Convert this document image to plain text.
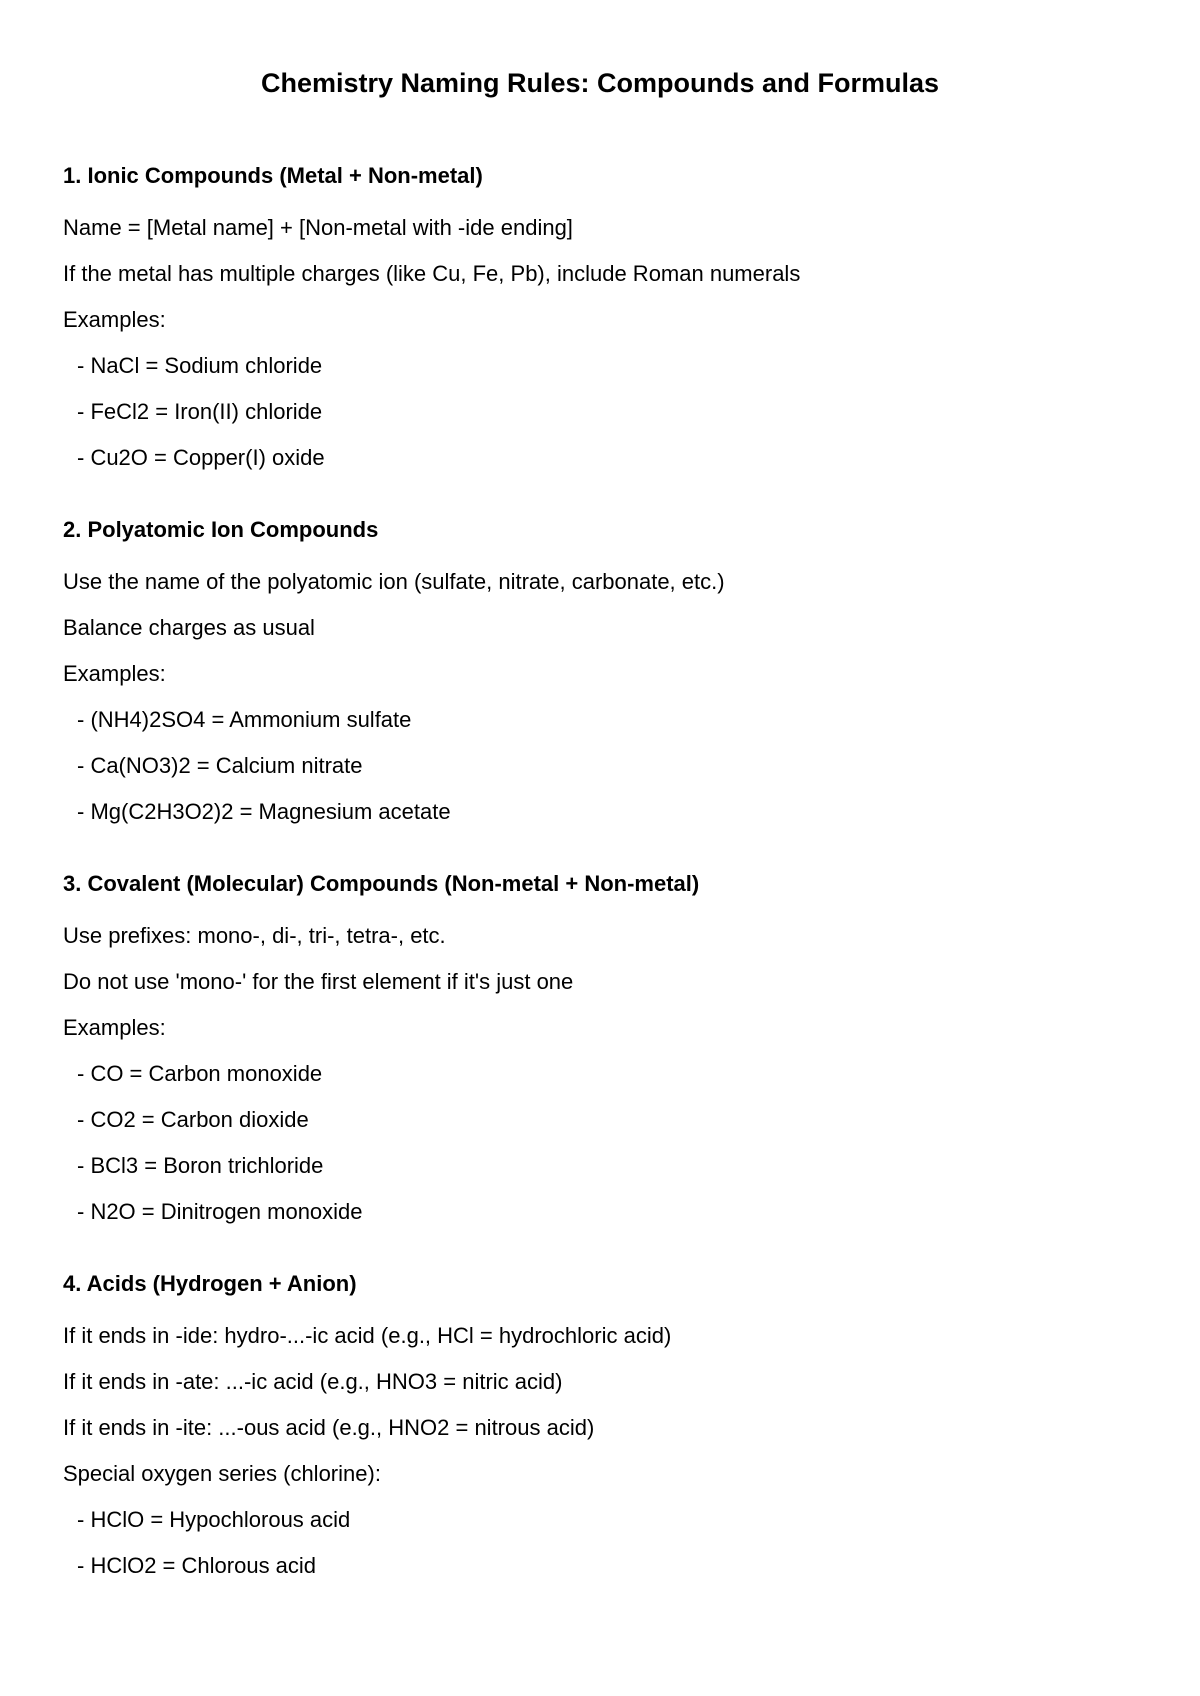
Chemistry Naming Rules: Compounds and Formulas
1. Ionic Compounds (Metal + Non-metal)
Name = [Metal name] + [Non-metal with -ide ending]
If the metal has multiple charges (like Cu, Fe, Pb), include Roman numerals
Examples:
- NaCl = Sodium chloride
- FeCl2 = Iron(II) chloride
- Cu2O = Copper(I) oxide
2. Polyatomic Ion Compounds
Use the name of the polyatomic ion (sulfate, nitrate, carbonate, etc.)
Balance charges as usual
Examples:
- (NH4)2SO4 = Ammonium sulfate
- Ca(NO3)2 = Calcium nitrate
- Mg(C2H3O2)2 = Magnesium acetate
3. Covalent (Molecular) Compounds (Non-metal + Non-metal)
Use prefixes: mono-, di-, tri-, tetra-, etc.
Do not use 'mono-' for the first element if it's just one
Examples:
- CO = Carbon monoxide
- CO2 = Carbon dioxide
- BCl3 = Boron trichloride
- N2O = Dinitrogen monoxide
4. Acids (Hydrogen + Anion)
If it ends in -ide: hydro-...-ic acid (e.g., HCl = hydrochloric acid)
If it ends in -ate: ...-ic acid (e.g., HNO3 = nitric acid)
If it ends in -ite: ...-ous acid (e.g., HNO2 = nitrous acid)
Special oxygen series (chlorine):
- HClO = Hypochlorous acid
- HClO2 = Chlorous acid
